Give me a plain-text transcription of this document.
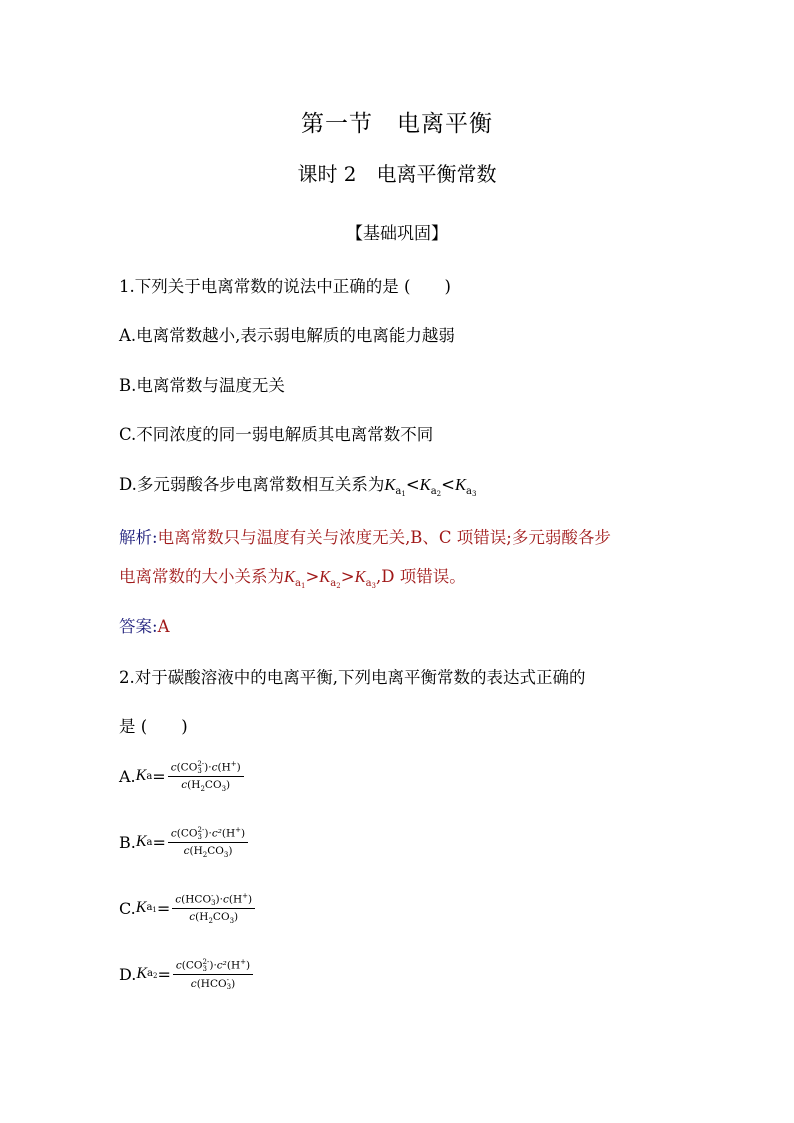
第一节　电离平衡
课时 2　电离平衡常数
【基础巩固】
1.下列关于电离常数的说法中正确的是 ( )
A.电离常数越小,表示弱电解质的电离能力越弱
B.电离常数与温度无关
C.不同浓度的同一弱电解质其电离常数不同
D.多元弱酸各步电离常数相互关系为$K_{a_1}<K_{a_2}<K_{a_3}$
解析:电离常数只与温度有关与浓度无关,B、C 项错误;多元弱酸各步
电离常数的大小关系为$K_{a_1}>K_{a_2}>K_{a_3},D$ 项错误。
答案:A
2.对于碳酸溶液中的电离平衡,下列电离平衡常数的表达式正确的
是 ( )
A. K a = c(CO 2-
3 )·c(H+)
$c(H_2CO_3)$
B. K a = c(CO 2-
3 )·c²(H+)
$c(H_2CO_3)$
C. K $a_1 = c(HCO$ -
3 )·c(H+)
$c(H_2CO_3)$
D. K $a_2 = c(CO$ 2-
3 )·c²(H+)
c(HCO -
3 )
